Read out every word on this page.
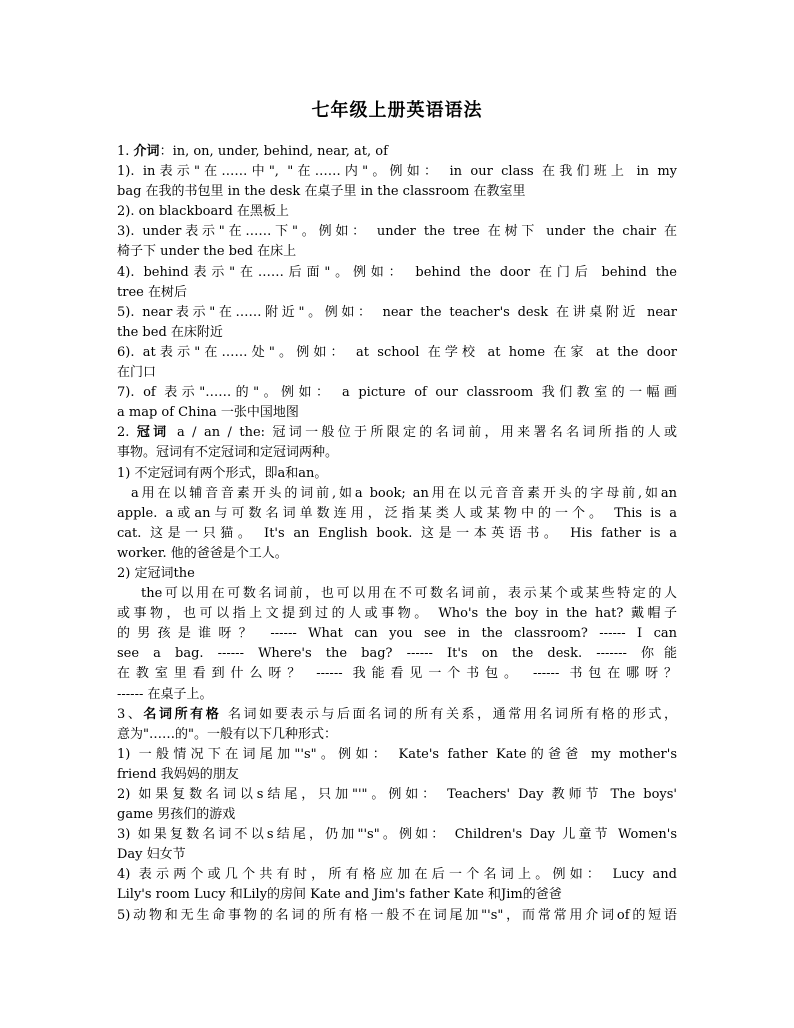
七年级上册英语语法
1. 介词：in, on, under, behind, near, at, of
1). in表示"在……中", "在……内"。例如： in our class 在我们班上 in my
bag 在我的书包里 in the desk 在桌子里 in the classroom 在教室里
2). on blackboard 在黑板上
3). under表示"在……下"。例如： under the tree 在树下 under the chair 在
椅子下 under the bed 在床上
4). behind表示"在……后面"。例如： behind the door 在门后 behind the
tree 在树后
5). near表示"在……附近"。例如： near the teacher's desk 在讲桌附近 near
the bed 在床附近
6). at表示"在……处"。例如： at school 在学校 at home 在家 at the door
在门口
7). of 表示"……的"。例如： a picture of our classroom 我们教室的一幅画
a map of China 一张中国地图
2. 冠词 a / an / the: 冠词一般位于所限定的名词前，用来署名名词所指的人或
事物。冠词有不定冠词和定冠词两种。
1) 不定冠词有两个形式，即a和an。
a用在以辅音音素开头的词前,如a book; an用在以元音音素开头的字母前,如an
apple. a或an与可数名词单数连用，泛指某类人或某物中的一个。 This is a
cat. 这是一只猫。 It's an English book. 这是一本英语书。 His father is a
worker. 他的爸爸是个工人。
2) 定冠词the
the可以用在可数名词前，也可以用在不可数名词前，表示某个或某些特定的人
或事物，也可以指上文提到过的人或事物。 Who's the boy in the hat? 戴帽子
的男孩是谁呀？ ------ What can you see in the classroom? ------ I can
see a bag. ------ Where's the bag? ------ It's on the desk. ------- 你能
在教室里看到什么呀？ ------ 我能看见一个书包。 ------ 书包在哪呀？
------ 在桌子上。
3、名词所有格 名词如要表示与后面名词的所有关系，通常用名词所有格的形式，
意为"……的"。一般有以下几种形式：
1) 一般情况下在词尾加"'s"。例如： Kate's father Kate的爸爸 my mother's
friend 我妈妈的朋友
2) 如果复数名词以s结尾，只加"'"。例如： Teachers' Day 教师节 The boys'
game 男孩们的游戏
3) 如果复数名词不以s结尾，仍加"'s"。例如： Children's Day 儿童节 Women's
Day 妇女节
4) 表示两个或几个共有时，所有格应加在后一个名词上。例如： Lucy and
Lily's room Lucy 和Lily的房间 Kate and Jim's father Kate 和Jim的爸爸
5)动物和无生命事物的名词的所有格一般不在词尾加"'s"，而常常用介词of的短语
